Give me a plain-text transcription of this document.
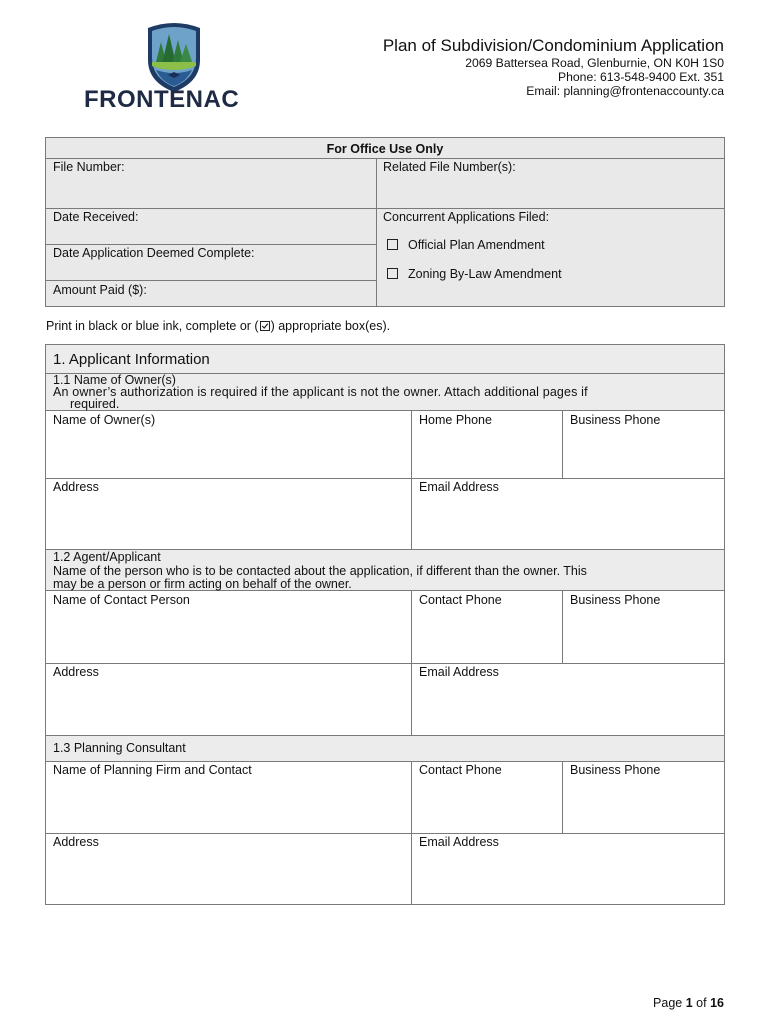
FRONTENAC
Plan of Subdivision/Condominium Application
2069 Battersea Road, Glenburnie, ON K0H 1S0
Phone: 613-548-9400 Ext. 351
Email: planning@frontenaccounty.ca
For Office Use Only
File Number:	Related File Number(s):
Date Received:
Date Application Deemed Complete:
Amount Paid ($):
Concurrent Applications Filed:
Official Plan Amendment
Zoning By-Law Amendment
Print in black or blue ink, complete or ( ) appropriate box(es).
1. Applicant Information
1.1 Name of Owner(s)
An owner’s authorization is required if the applicant is not the owner. Attach additional pages if
required.
Name of Owner(s)	Home Phone	Business Phone
Address	Email Address
1.2 Agent/Applicant
Name of the person who is to be contacted about the application, if different than the owner. This
may be a person or firm acting on behalf of the owner.
Name of Contact Person	Contact Phone	Business Phone
Address	Email Address
1.3 Planning Consultant
Name of Planning Firm and Contact	Contact Phone	Business Phone
Address	Email Address
Page 1 of 16
